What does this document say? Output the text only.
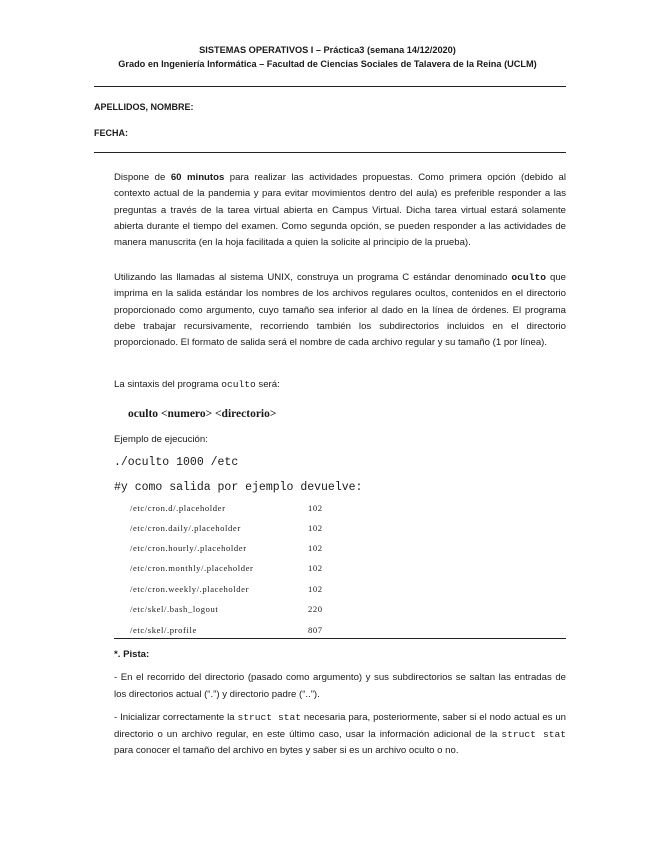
SISTEMAS OPERATIVOS I – Práctica3 (semana 14/12/2020)
Grado en Ingeniería Informática – Facultad de Ciencias Sociales de Talavera de la Reina (UCLM)
APELLIDOS, NOMBRE:
FECHA:

Dispone de 60 minutos para realizar las actividades propuestas. Como primera opción (debido al contexto actual de la pandemia y para evitar movimientos dentro del aula) es preferible responder a las preguntas a través de la tarea virtual abierta en Campus Virtual. Dicha tarea virtual estará solamente abierta durante el tiempo del examen. Como segunda opción, se pueden responder a las actividades de manera manuscrita (en la hoja facilitada a quien la solicite al principio de la prueba).

Utilizando las llamadas al sistema UNIX, construya un programa C estándar denominado oculto que imprima en la salida estándar los nombres de los archivos regulares ocultos, contenidos en el directorio proporcionado como argumento, cuyo tamaño sea inferior al dado en la línea de órdenes. El programa debe trabajar recursivamente, recorriendo también los subdirectorios incluidos en el directorio proporcionado. El formato de salida será el nombre de cada archivo regular y su tamaño (1 por línea).

La sintaxis del programa oculto será:
oculto <numero> <directorio>
Ejemplo de ejecución:
./oculto 1000 /etc
#y como salida por ejemplo devuelve:
/etc/cron.d/.placeholder	102
/etc/cron.daily/.placeholder	102
/etc/cron.hourly/.placeholder	102
/etc/cron.monthly/.placeholder	102
/etc/cron.weekly/.placeholder	102
/etc/skel/.bash_logout	220
/etc/skel/.profile	807
*. Pista:

- En el recorrido del directorio (pasado como argumento) y sus subdirectorios se saltan las entradas de los directorios actual (“.”) y directorio padre (“..”).

- Inicializar correctamente la struct stat necesaria para, posteriormente, saber si el nodo actual es un directorio o un archivo regular, en este último caso, usar la información adicional de la struct stat para conocer el tamaño del archivo en bytes y saber si es un archivo oculto o no.
